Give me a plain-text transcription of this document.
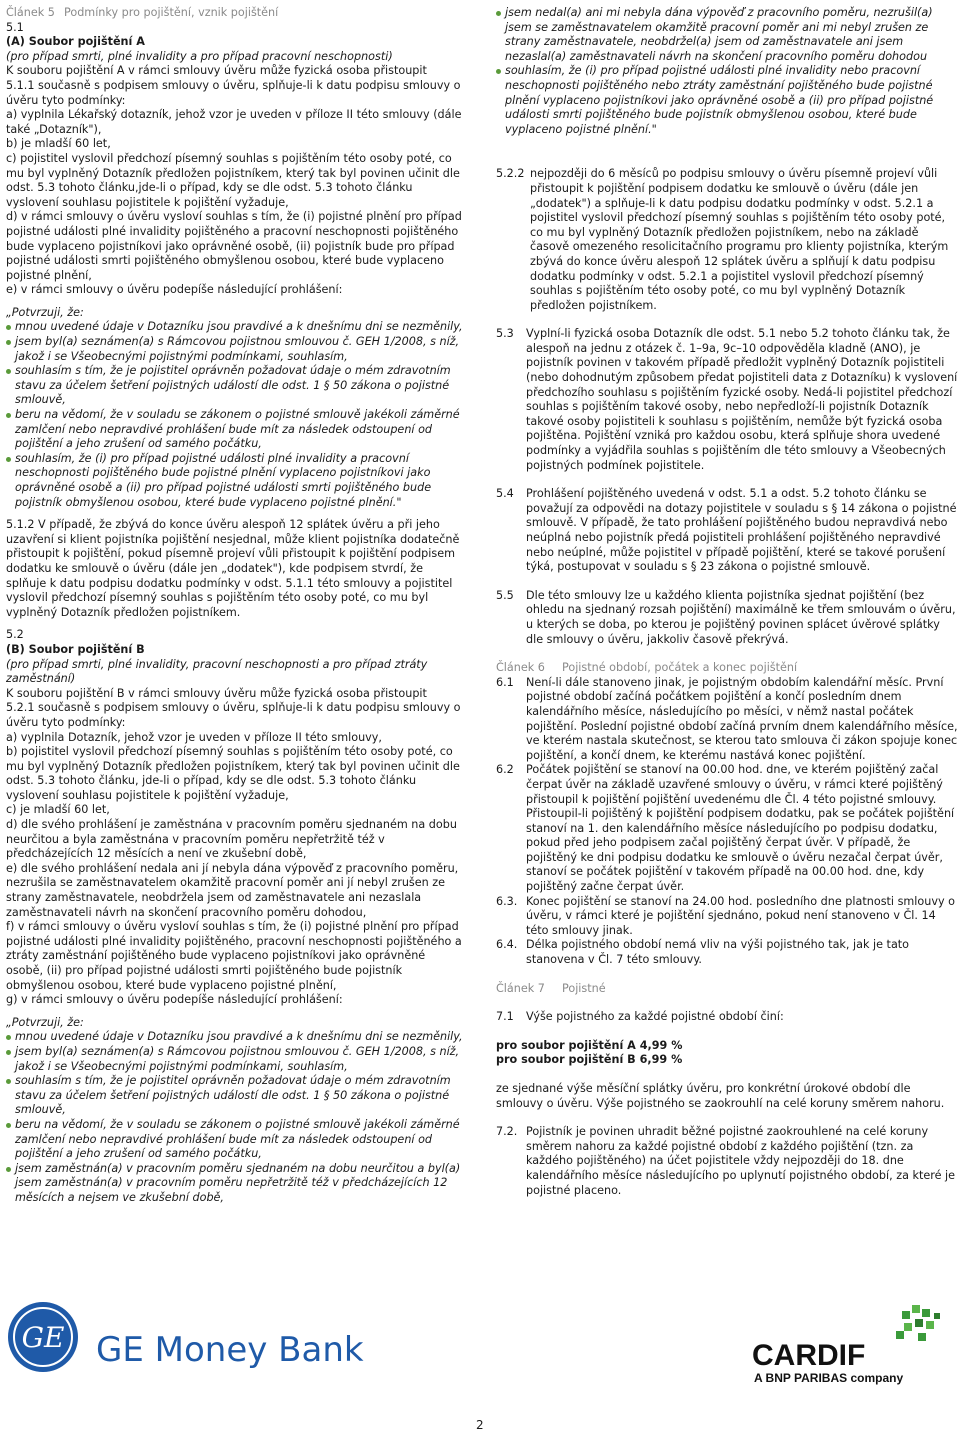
Článek 5 Podmínky pro pojištění, vznik pojištění
5.1
(A) Soubor pojištění A
(pro případ smrti, plné invalidity a pro případ pracovní neschopnosti)
K souboru pojištění A v rámci smlouvy úvěru může fyzická osoba přistoupit
5.1.1 současně s podpisem smlouvy o úvěru, splňuje-li k datu podpisu smlouvy o úvěru tyto podmínky:
a) vyplnila Lékařský dotazník, jehož vzor je uveden v příloze II této smlouvy (dále také „Dotazník"),
b) je mladší 60 let,
c) pojistitel vyslovil předchozí písemný souhlas s pojištěním této osoby poté, co mu byl vyplněný Dotazník předložen pojistníkem, který tak byl povinen učinit dle odst. 5.3 tohoto článku,jde-li o případ, kdy se dle odst. 5.3 tohoto článku vyslovení souhlasu pojistitele k pojištění vyžaduje,
d) v rámci smlouvy o úvěru vysloví souhlas s tím, že (i) pojistné plnění pro případ pojistné události plné invalidity pojištěného a pracovní neschopnosti pojištěného bude vyplaceno pojistníkovi jako oprávněné osobě, (ii) pojistník bude pro případ pojistné události smrti pojištěného obmyšlenou osobou, které bude vyplaceno pojistné plnění,
e) v rámci smlouvy o úvěru podepíše následující prohlášení:
„Potvrzuji, že:
mnou uvedené údaje v Dotazníku jsou pravdivé a k dnešnímu dni se nezměnily,
jsem byl(a) seznámen(a) s Rámcovou pojistnou smlouvou č. GEH 1/2008, s níž, jakož i se Všeobecnými pojistnými podmínkami, souhlasím,
souhlasím s tím, že je pojistitel oprávněn požadovat údaje o mém zdravotním stavu za účelem šetření pojistných událostí dle odst. 1 § 50 zákona o pojistné smlouvě,
beru na vědomí, že v souladu se zákonem o pojistné smlouvě jakékoli záměrné zamlčení nebo nepravdivé prohlášení bude mít za následek odstoupení od pojištění a jeho zrušení od samého počátku,
souhlasím, že (i) pro případ pojistné události plné invalidity a pracovní neschopnosti pojištěného bude pojistné plnění vyplaceno pojistníkovi jako oprávněné osobě a (ii) pro případ pojistné události smrti pojištěného bude pojistník obmyšlenou osobou, které bude vyplaceno pojistné plnění."
5.1.2 V případě, že zbývá do konce úvěru alespoň 12 splátek úvěru a při jeho uzavření si klient pojistníka pojištění nesjednal, může klient pojistníka dodatečně přistoupit k pojištění, pokud písemně projeví vůli přistoupit k pojištění podpisem dodatku ke smlouvě o úvěru (dále jen „dodatek"), kde podpisem stvrdí, že splňuje k datu podpisu dodatku podmínky v odst. 5.1.1 této smlouvy a pojistitel vyslovil předchozí písemný souhlas s pojištěním této osoby poté, co mu byl vyplněný Dotazník předložen pojistníkem.
5.2
(B) Soubor pojištění B
(pro případ smrti, plné invalidity, pracovní neschopnosti a pro případ ztráty zaměstnání)
K souboru pojištění B v rámci smlouvy úvěru může fyzická osoba přistoupit
5.2.1 současně s podpisem smlouvy o úvěru, splňuje-li k datu podpisu smlouvy o úvěru tyto podmínky:
a) vyplnila Dotazník, jehož vzor je uveden v příloze II této smlouvy,
b) pojistitel vyslovil předchozí písemný souhlas s pojištěním této osoby poté, co mu byl vyplněný Dotazník předložen pojistníkem, který tak byl povinen učinit dle odst. 5.3 tohoto článku, jde-li o případ, kdy se dle odst. 5.3 tohoto článku vyslovení souhlasu pojistitele k pojištění vyžaduje,
c) je mladší 60 let,
d) dle svého prohlášení je zaměstnána v pracovním poměru sjednaném na dobu neurčitou a byla zaměstnána v pracovním poměru nepřetržitě též v předcházejících 12 měsících a není ve zkušební době,
e) dle svého prohlášení nedala ani jí nebyla dána výpověď z pracovního poměru, nezrušila se zaměstnavatelem okamžitě pracovní poměr ani jí nebyl zrušen ze strany zaměstnavatele, neobdržela jsem od zaměstnavatele ani nezaslala zaměstnavateli návrh na skončení pracovního poměru dohodou,
f) v rámci smlouvy o úvěru vysloví souhlas s tím, že (i) pojistné plnění pro případ pojistné události plné invalidity pojištěného, pracovní neschopnosti pojištěného a ztráty zaměstnání pojištěného bude vyplaceno pojistníkovi jako oprávněné osobě, (ii) pro případ pojistné události smrti pojištěného bude pojistník obmyšlenou osobou, které bude vyplaceno pojistné plnění,
g) v rámci smlouvy o úvěru podepíše následující prohlášení:
„Potvrzuji, že:
mnou uvedené údaje v Dotazníku jsou pravdivé a k dnešnímu dni se nezměnily,
jsem byl(a) seznámen(a) s Rámcovou pojistnou smlouvou č. GEH 1/2008, s níž, jakož i se Všeobecnými pojistnými podmínkami, souhlasím,
souhlasím s tím, že je pojistitel oprávněn požadovat údaje o mém zdravotním stavu za účelem šetření pojistných událostí dle odst. 1 § 50 zákona o pojistné smlouvě,
beru na vědomí, že v souladu se zákonem o pojistné smlouvě jakékoli záměrné zamlčení nebo nepravdivé prohlášení bude mít za následek odstoupení od pojištění a jeho zrušení od samého počátku,
jsem zaměstnán(a) v pracovním poměru sjednaném na dobu neurčitou a byl(a) jsem zaměstnán(a) v pracovním poměru nepřetržitě též v předcházejících 12 měsících a nejsem ve zkušební době,
jsem nedal(a) ani mi nebyla dána výpověď z pracovního poměru, nezrušil(a) jsem se zaměstnavatelem okamžitě pracovní poměr ani mi nebyl zrušen ze strany zaměstnavatele, neobdržel(a) jsem od zaměstnavatele ani jsem nezaslal(a) zaměstnavateli návrh na skončení pracovního poměru dohodou
souhlasím, že (i) pro případ pojistné události plné invalidity nebo pracovní neschopnosti pojištěného nebo ztráty zaměstnání pojištěného bude pojistné plnění vyplaceno pojistníkovi jako oprávněné osobě a (ii) pro případ pojistné události smrti pojištěného bude pojistník obmyšlenou osobou, které bude vyplaceno pojistné plnění."
5.2.2 nejpozději do 6 měsíců po podpisu smlouvy o úvěru písemně projeví vůli přistoupit k pojištění podpisem dodatku ke smlouvě o úvěru (dále jen „dodatek") a splňuje-li k datu podpisu dodatku podmínky v odst. 5.2.1 a pojistitel vyslovil předchozí písemný souhlas s pojištěním této osoby poté, co mu byl vyplněný Dotazník předložen pojistníkem, nebo na základě časově omezeného resolicitačního programu pro klienty pojistníka, kterým zbývá do konce úvěru alespoň 12 splátek úvěru a splňují k datu podpisu dodatku podmínky v odst. 5.2.1 a pojistitel vyslovil předchozí písemný souhlas s pojištěním této osoby poté, co mu byl vyplněný Dotazník předložen pojistníkem.
5.3	Vyplní-li fyzická osoba Dotazník dle odst. 5.1 nebo 5.2 tohoto článku tak, že alespoň na jednu z otázek č. 1–9a, 9c–10 odpověděla kladně (ANO), je pojistník povinen v takovém případě předložit vyplněný Dotazník pojistiteli (nebo dohodnutým způsobem předat pojistiteli data z Dotazníku) k vyslovení předchozího souhlasu s pojištěním fyzické osoby. Nedá-li pojistitel předchozí souhlas s pojištěním takové osoby, nebo nepředloží-li pojistník Dotazník takové osoby pojistiteli k souhlasu s pojištěním, nemůže být fyzická osoba pojištěna. Pojištění vzniká pro každou osobu, která splňuje shora uvedené podmínky a vyjádřila souhlas s pojištěním dle této smlouvy a Všeobecných pojistných podmínek pojistitele.
5.4	Prohlášení pojištěného uvedená v odst. 5.1 a odst. 5.2 tohoto článku se považují za odpovědi na dotazy pojistitele v souladu s § 14 zákona o pojistné smlouvě. V případě, že tato prohlášení pojištěného budou nepravdivá nebo neúplná nebo pojistník předá pojistiteli prohlášení pojištěného nepravdivé nebo neúplné, může pojistitel v případě pojištění, které se takové porušení týká, postupovat v souladu s § 23 zákona o pojistné smlouvě.
5.5	Dle této smlouvy lze u každého klienta pojistníka sjednat pojištění (bez ohledu na sjednaný rozsah pojištění) maximálně ke třem smlouvám o úvěru, u kterých se doba, po kterou je pojištěný povinen splácet úvěrové splátky dle smlouvy o úvěru, jakkoliv časově překrývá.
Článek 6 Pojistné období, počátek a konec pojištění
6.1	Není-li dále stanoveno jinak, je pojistným obdobím kalendářní měsíc. První pojistné období začíná počátkem pojištění a končí posledním dnem kalendářního měsíce, následujícího po měsíci, v němž nastal počátek pojištění. Poslední pojistné období začíná prvním dnem kalendářního měsíce, ve kterém nastala skutečnost, se kterou tato smlouva či zákon spojuje konec pojištění, a končí dnem, ke kterému nastává konec pojištění.
6.2	Počátek pojištění se stanoví na 00.00 hod. dne, ve kterém pojištěný začal čerpat úvěr na základě uzavřené smlouvy o úvěru, v rámci které pojištěný přistoupil k pojištění pojištění uvedenému dle Čl. 4 této pojistné smlouvy. Přistoupil-li pojištěný k pojištění podpisem dodatku, pak se počátek pojištění stanoví na 1. den kalendářního měsíce následujícího po podpisu dodatku, pokud před jeho podpisem začal pojištěný čerpat úvěr. V případě, že pojištěný ke dni podpisu dodatku ke smlouvě o úvěru nezačal čerpat úvěr, stanoví se počátek pojištění v takovém případě na 00.00 hod. dne, kdy pojištěný začne čerpat úvěr.
6.3. Konec pojištění se stanoví na 24.00 hod. posledního dne platnosti smlouvy o úvěru, v rámci které je pojištění sjednáno, pokud není stanoveno v Čl. 14 této smlouvy jinak.
6.4. Délka pojistného období nemá vliv na výši pojistného tak, jak je tato stanovena v Čl. 7 této smlouvy.
Článek 7 Pojistné
7.1	Výše pojistného za každé pojistné období činí:
pro soubor pojištění A 4,99 %
pro soubor pojištění B 6,99 %
ze sjednané výše měsíční splátky úvěru, pro konkrétní úrokové období dle smlouvy o úvěru. Výše pojistného se zaokrouhlí na celé koruny směrem nahoru.
7.2. Pojistník je povinen uhradit běžné pojistné zaokrouhlené na celé koruny směrem nahoru za každé pojistné období z každého pojištění (tzn. za každého pojištěného) na účet pojistitele vždy nejpozději do 18. dne kalendářního měsíce následujícího po uplynutí pojistného období, za které je pojistné placeno.
GE GE Money Bank	CARDIF
A BNP PARIBAS company
2
